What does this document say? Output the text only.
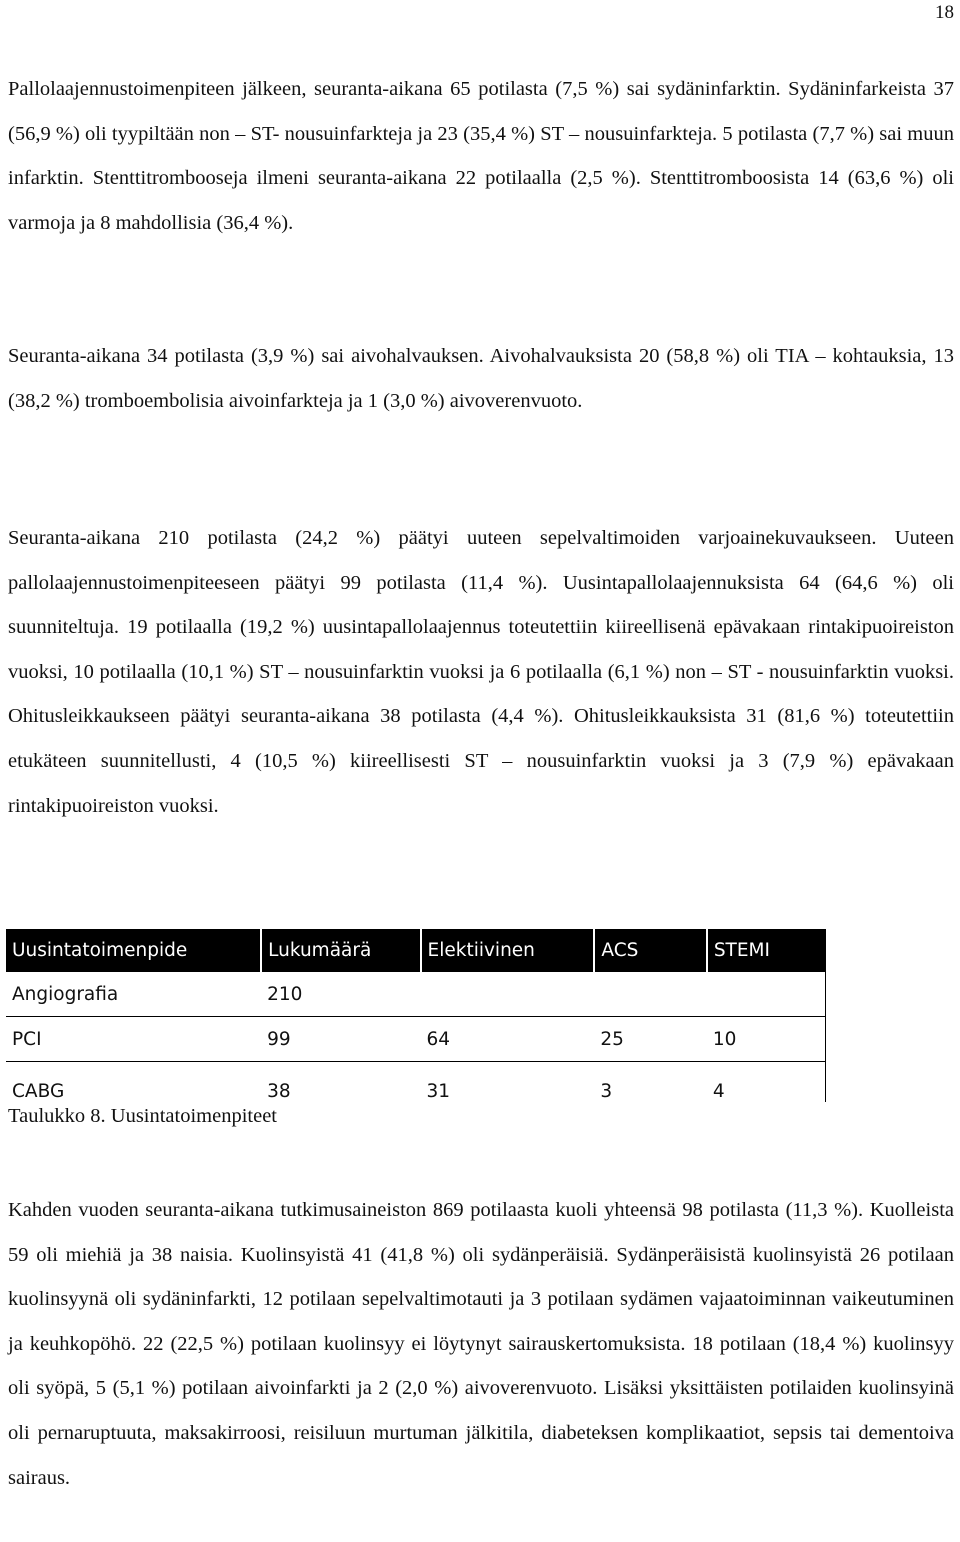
18

Pallolaajennustoimenpiteen jälkeen, seuranta-aikana 65 potilasta (7,5 %) sai sydäninfarktin. Sydäninfarkeista 37 (56,9 %) oli tyypiltään non – ST- nousuinfarkteja ja 23 (35,4 %) ST – nousuinfarkteja. 5 potilasta (7,7 %) sai muun infarktin. Stenttitrombooseja ilmeni seuranta-aikana 22 potilaalla (2,5 %). Stenttitromboosista 14 (63,6 %) oli varmoja ja 8 mahdollisia (36,4 %).

Seuranta-aikana 34 potilasta (3,9 %) sai aivohalvauksen. Aivohalvauksista 20 (58,8 %) oli TIA – kohtauksia, 13 (38,2 %) tromboembolisia aivoinfarkteja ja 1 (3,0 %) aivoverenvuoto.

Seuranta-aikana 210 potilasta (24,2 %) päätyi uuteen sepelvaltimoiden varjoainekuvaukseen. Uuteen pallolaajennustoimenpiteeseen päätyi 99 potilasta (11,4 %). Uusintapallolaajennuksista 64 (64,6 %) oli suunniteltuja. 19 potilaalla (19,2 %) uusintapallolaajennus toteutettiin kiireellisenä epävakaan rintakipuoireiston vuoksi, 10 potilaalla (10,1 %) ST – nousuinfarktin vuoksi ja 6 potilaalla (6,1 %) non – ST - nousuinfarktin vuoksi. Ohitusleikkaukseen päätyi seuranta-aikana 38 potilasta (4,4 %). Ohitusleikkauksista 31 (81,6 %) toteutettiin etukäteen suunnitellusti, 4 (10,5 %) kiireellisesti ST – nousuinfarktin vuoksi ja 3 (7,9 %) epävakaan rintakipuoireiston vuoksi.

Uusintatoimenpide	Lukumäärä	Elektiivinen	ACS	STEMI
Angiografia	210			
PCI	99	64	25	10
CABG	38	31	3	4
Taulukko 8. Uusintatoimenpiteet

Kahden vuoden seuranta-aikana tutkimusaineiston 869 potilaasta kuoli yhteensä 98 potilasta (11,3 %). Kuolleista 59 oli miehiä ja 38 naisia. Kuolinsyistä 41 (41,8 %) oli sydänperäisiä. Sydänperäisistä kuolinsyistä 26 potilaan kuolinsyynä oli sydäninfarkti, 12 potilaan sepelvaltimotauti ja 3 potilaan sydämen vajaatoiminnan vaikeutuminen ja keuhkopöhö. 22 (22,5 %) potilaan kuolinsyy ei löytynyt sairauskertomuksista. 18 potilaan (18,4 %) kuolinsyy oli syöpä, 5 (5,1 %) potilaan aivoinfarkti ja 2 (2,0 %) aivoverenvuoto. Lisäksi yksittäisten potilaiden kuolinsyinä oli pernaruptuuta, maksakirroosi, reisiluun murtuman jälkitila, diabeteksen komplikaatiot, sepsis tai dementoiva sairaus.
